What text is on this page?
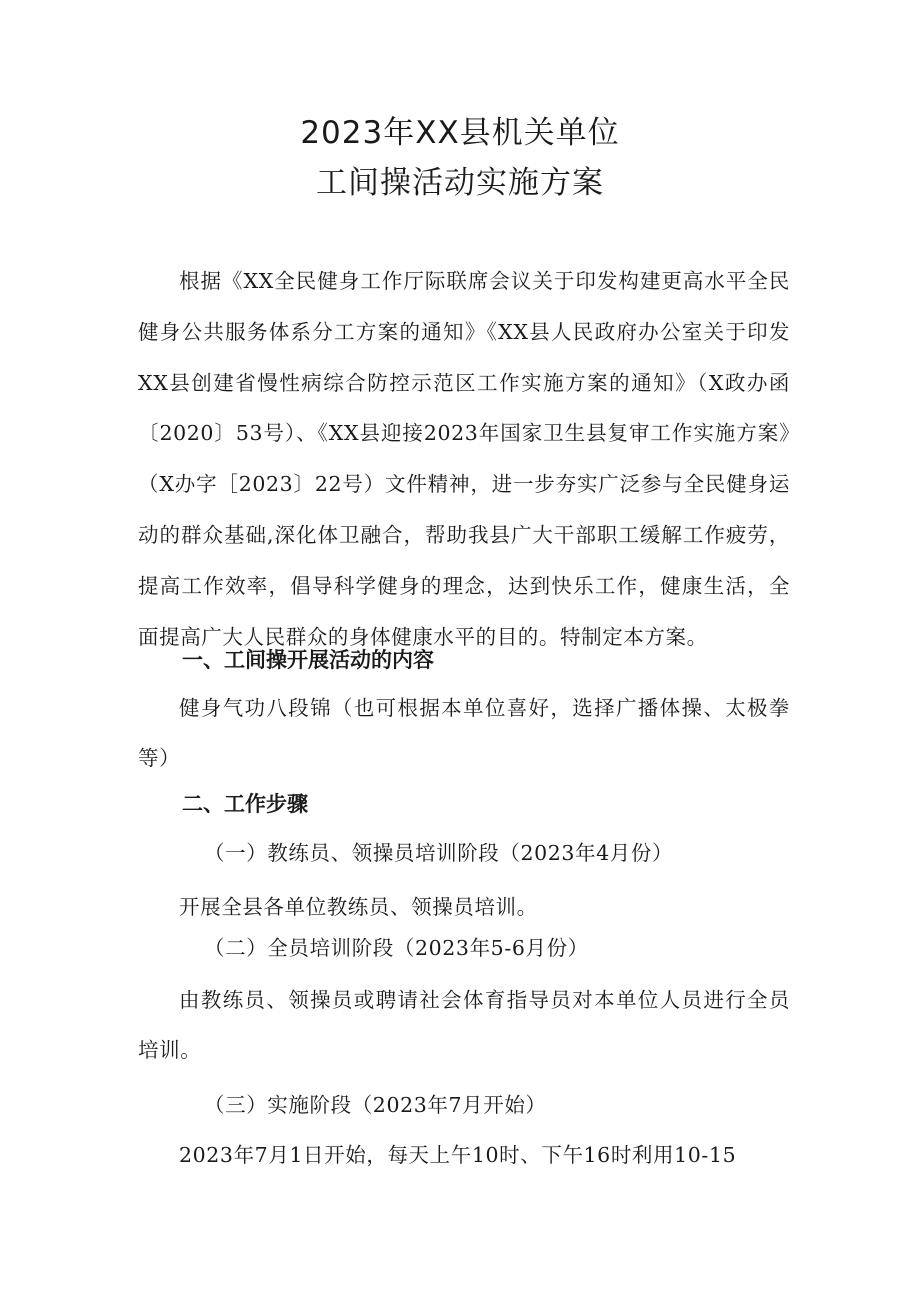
2023年XX县机关单位
工间操活动实施方案
根据《XX全民健身工作厅际联席会议关于印发构建更高水平全民健身公共服务体系分工方案的通知》《XX县人民政府办公室关于印发XX县创建省慢性病综合防控示范区工作实施方案的通知》（X政办函〔2020〕53号）、《XX县迎接2023年国家卫生县复审工作实施方案》（X办字［2023〕22号）文件精神，进一步夯实广泛参与全民健身运动的群众基础,深化体卫融合，帮助我县广大干部职工缓解工作疲劳，提高工作效率，倡导科学健身的理念，达到快乐工作，健康生活，全面提高广大人民群众的身体健康水平的目的。特制定本方案。
一、工间操开展活动的内容
健身气功八段锦（也可根据本单位喜好，选择广播体操、太极拳等）
二、工作步骤
（一）教练员、领操员培训阶段（2023年4月份）
开展全县各单位教练员、领操员培训。
（二）全员培训阶段（2023年5-6月份）
由教练员、领操员或聘请社会体育指导员对本单位人员进行全员培训。
（三）实施阶段（2023年7月开始）
2023年7月1日开始，每天上午10时、下午16时利用10-15
